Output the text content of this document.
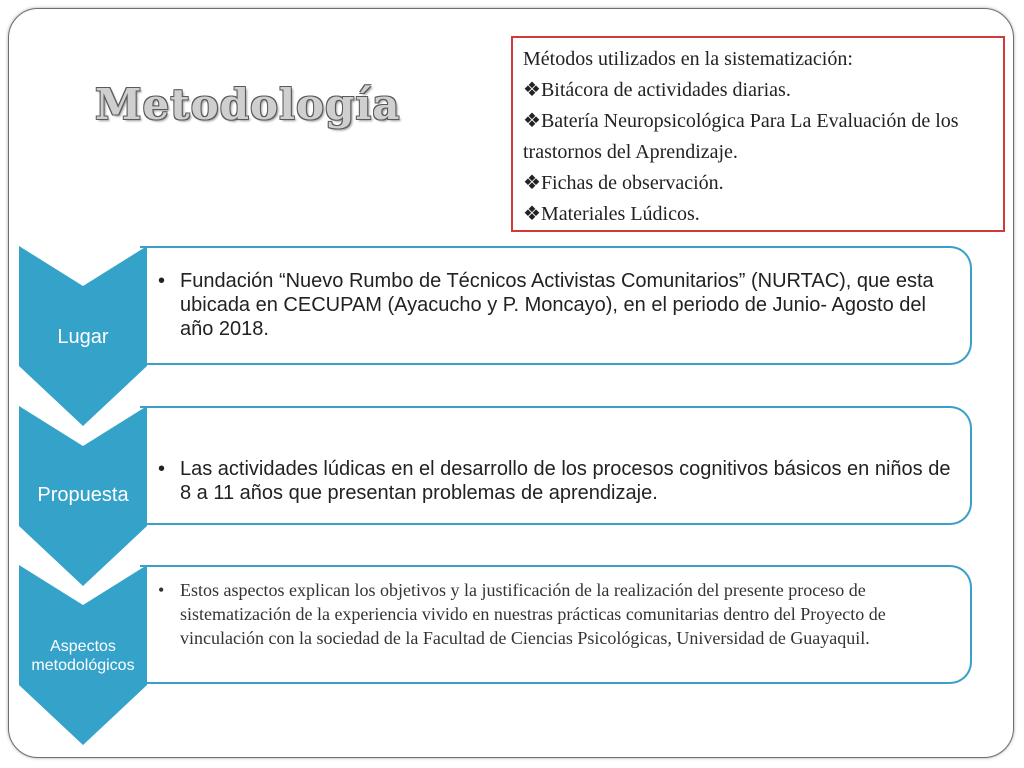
Metodología

Métodos utilizados en la sistematización:

❖Bitácora de actividades diarias.

❖Batería Neuropsicológica Para La Evaluación de los trastornos del Aprendizaje.

❖Fichas de observación.

❖Materiales Lúdicos.

• Fundación “Nuevo Rumbo de Técnicos Activistas Comunitarios” (NURTAC), que esta ubicada en CECUPAM (Ayacucho y P. Moncayo), en el periodo de Junio- Agosto del año 2018.
Lugar
• Las actividades lúdicas en el desarrollo de los procesos cognitivos básicos en niños de 8 a 11 años que presentan problemas de aprendizaje.
Propuesta
• Estos aspectos explican los objetivos y la justificación de la realización del presente proceso de sistematización de la experiencia vivido en nuestras prácticas comunitarias dentro del Proyecto de vinculación con la sociedad de la Facultad de Ciencias Psicológicas, Universidad de Guayaquil.
Aspectos metodológicos
